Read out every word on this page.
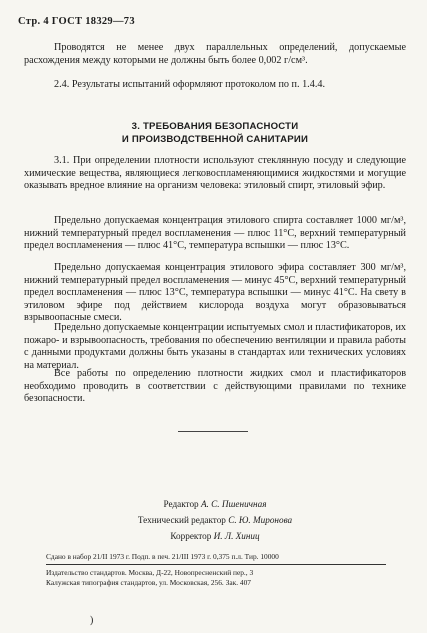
Стр. 4 ГОСТ 18329—73
Проводятся не менее двух параллельных определений, допускаемые расхождения между которыми не должны быть более 0,002 г/см³.
2.4. Результаты испытаний оформляют протоколом по п. 1.4.4.
3. ТРЕБОВАНИЯ БЕЗОПАСНОСТИ
И ПРОИЗВОДСТВЕННОЙ САНИТАРИИ
3.1. При определении плотности используют стеклянную посуду и следующие химические вещества, являющиеся легковоспламеняющимися жидкостями и могущие оказывать вредное влияние на организм человека: этиловый спирт, этиловый эфир.
Предельно допускаемая концентрация этилового спирта составляет 1000 мг/м³, нижний температурный предел воспламенения — плюс 11°С, верхний температурный предел воспламенения — плюс 41°С, температура вспышки — плюс 13°С.
Предельно допускаемая концентрация этилового эфира составляет 300 мг/м³, нижний температурный предел воспламенения — минус 45°С, верхний температурный предел воспламенения — плюс 13°С, температура вспышки — минус 41°С. На свету в этиловом эфире под действием кислорода воздуха могут образовываться взрывоопасные смеси.
Предельно допускаемые концентрации испытуемых смол и пластификаторов, их пожаро- и взрывоопасность, требования по обеспечению вентиляции и правила работы с данными продуктами должны быть указаны в стандартах или технических условиях на материал.
Все работы по определению плотности жидких смол и пластификаторов необходимо проводить в соответствии с действующими правилами по технике безопасности.
Редактор А. С. Пшеничная
Технический редактор С. Ю. Миронова
Корректор И. Л. Хиниц
Сдано в набор 21/II 1973 г. Подп. в печ. 21/III 1973 г. 0,375 п.л. Тир. 10000
Издательство стандартов. Москва, Д-22, Новопресненский пер., 3
Калужская типография стандартов, ул. Московская, 256. Зак. 407
)
